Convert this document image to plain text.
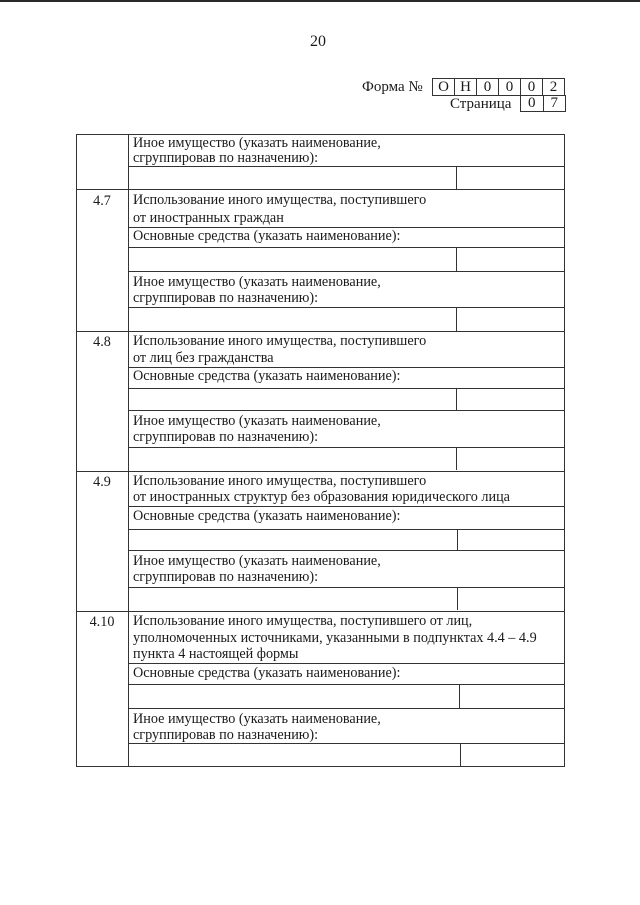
20
Форма №	О Н 0 0 0 2
Страница	0	7
Иное имущество (указать наименование,
сгруппировав по назначению):
4.7	Использование иного имущества, поступившего
от иностранных граждан
Основные средства (указать наименование):
Иное имущество (указать наименование,
сгруппировав по назначению):
4.8	Использование иного имущества, поступившего
от лиц без гражданства
Основные средства (указать наименование):
Иное имущество (указать наименование,
сгруппировав по назначению):
4.9	Использование иного имущества, поступившего
от иностранных структур без образования юридического лица
Основные средства (указать наименование):
Иное имущество (указать наименование,
сгруппировав по назначению):
4.10	Использование иного имущества, поступившего от лиц,
уполномоченных источниками, указанными в подпунктах 4.4 – 4.9
пункта 4 настоящей формы
Основные средства (указать наименование):
Иное имущество (указать наименование,
сгруппировав по назначению):
